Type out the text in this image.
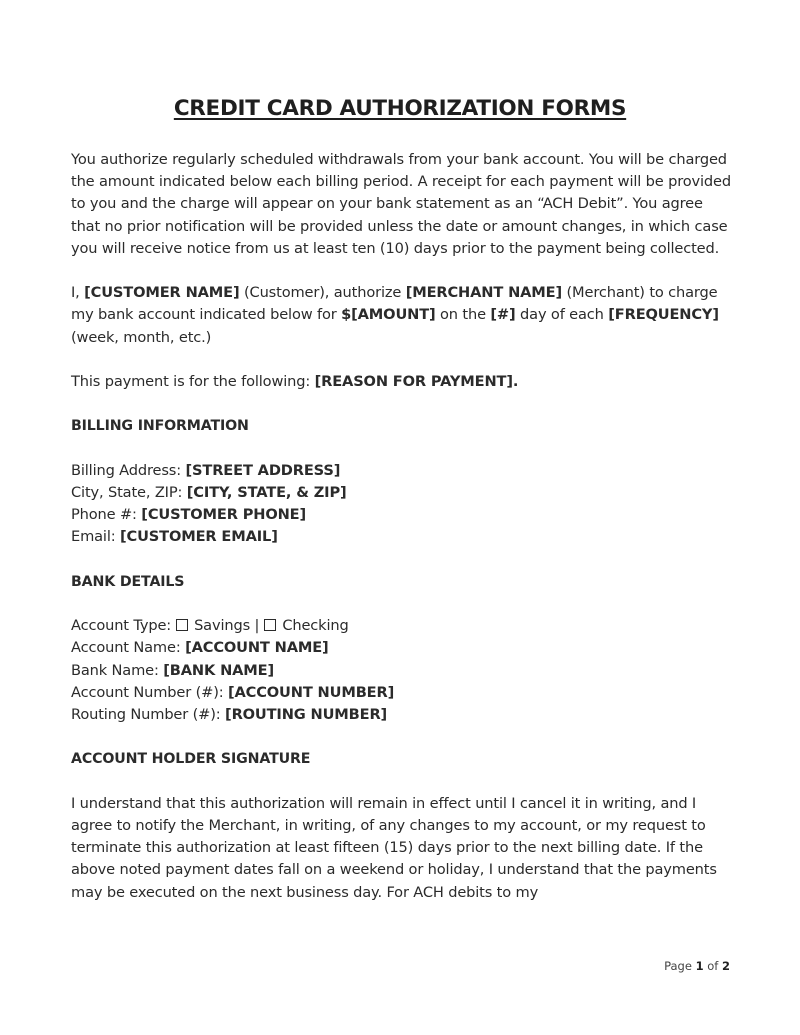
CREDIT CARD AUTHORIZATION FORMS

You authorize regularly scheduled withdrawals from your bank account. You will be charged the amount indicated below each billing period. A receipt for each payment will be provided to you and the charge will appear on your bank statement as an “ACH Debit”. You agree that no prior notification will be provided unless the date or amount changes, in which case you will receive notice from us at least ten (10) days prior to the payment being collected.

I, [CUSTOMER NAME] (Customer), authorize [MERCHANT NAME] (Merchant) to charge my bank account indicated below for $[AMOUNT] on the [#] day of each [FREQUENCY] (week, month, etc.)

This payment is for the following: [REASON FOR PAYMENT].

BILLING INFORMATION

Billing Address: [STREET ADDRESS]

City, State, ZIP: [CITY, STATE, & ZIP]

Phone #: [CUSTOMER PHONE]

Email: [CUSTOMER EMAIL]

BANK DETAILS

Account Type: Savings | Checking

Account Name: [ACCOUNT NAME]

Bank Name: [BANK NAME]

Account Number (#): [ACCOUNT NUMBER]

Routing Number (#): [ROUTING NUMBER]

ACCOUNT HOLDER SIGNATURE

I understand that this authorization will remain in effect until I cancel it in writing, and I agree to notify the Merchant, in writing, of any changes to my account, or my request to terminate this authorization at least fifteen (15) days prior to the next billing date. If the above noted payment dates fall on a weekend or holiday, I understand that the payments may be executed on the next business day. For ACH debits to my

Page 1 of 2
